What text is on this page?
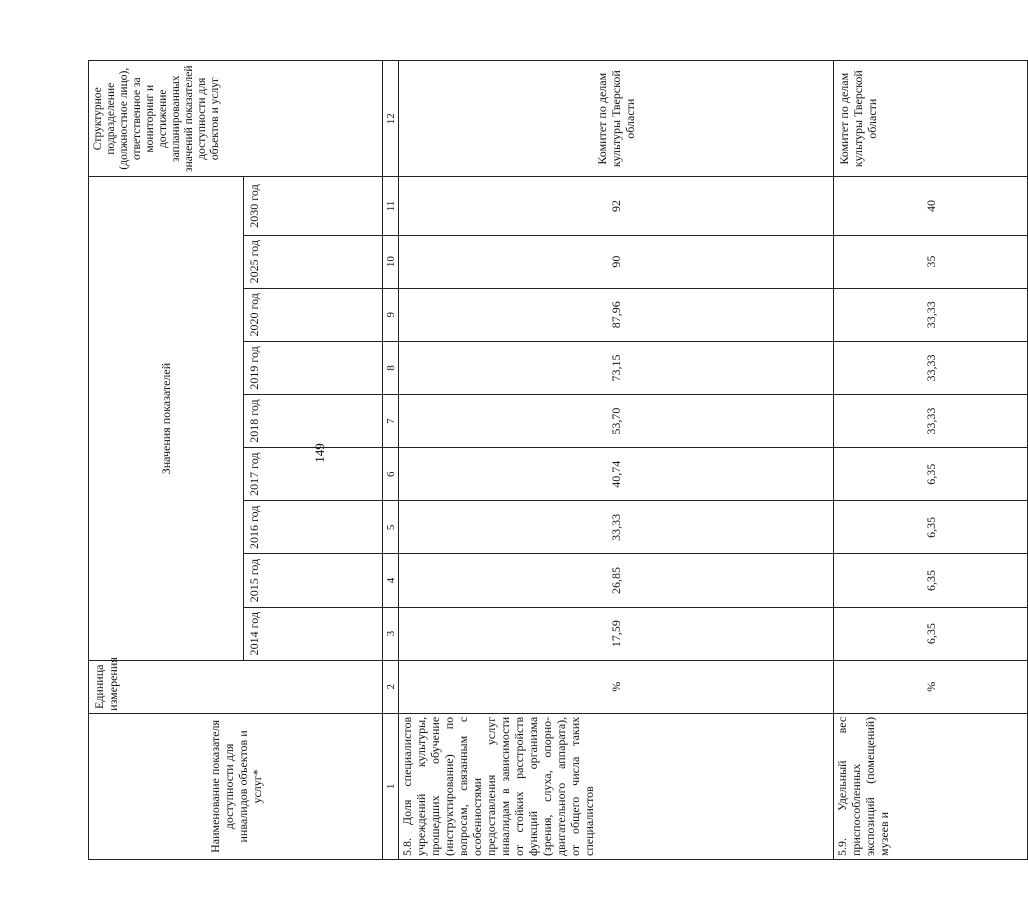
149
Наименование показателя доступности для инвалидов объектов и услуг*	Единица измерения	Значения показателей									Структурное подразделение (должностное лицо), ответственное за мониторинг и достижение запланированных значений показателей доступности для объектов и услуг
		2014 год	2015 год	2016 год	2017 год	2018 год	2019 год	2020 год	2025 год	2030 год	
1	2	3	4	5	6	7	8	9	10	11	12
5.8. Доля специалистов учреждений культуры, прошедших обучение (инструктирование) по вопросам, связанным с особенностями предоставления услуг инвалидам в зависимости от стойких расстройств функций организма (зрения, слуха, опорно-двигательного аппарата), от общего числа таких специалистов	%	17,59	26,85	33,33	40,74	53,70	73,15	87,96	90	92	Комитет по делам культуры Тверской области
5.9. Удельный вес приспособленных экспозиций (помещений) музеев и	%	6,35	6,35	6,35	6,35	33,33	33,33	33,33	35	40	Комитет по делам культуры Тверской области
